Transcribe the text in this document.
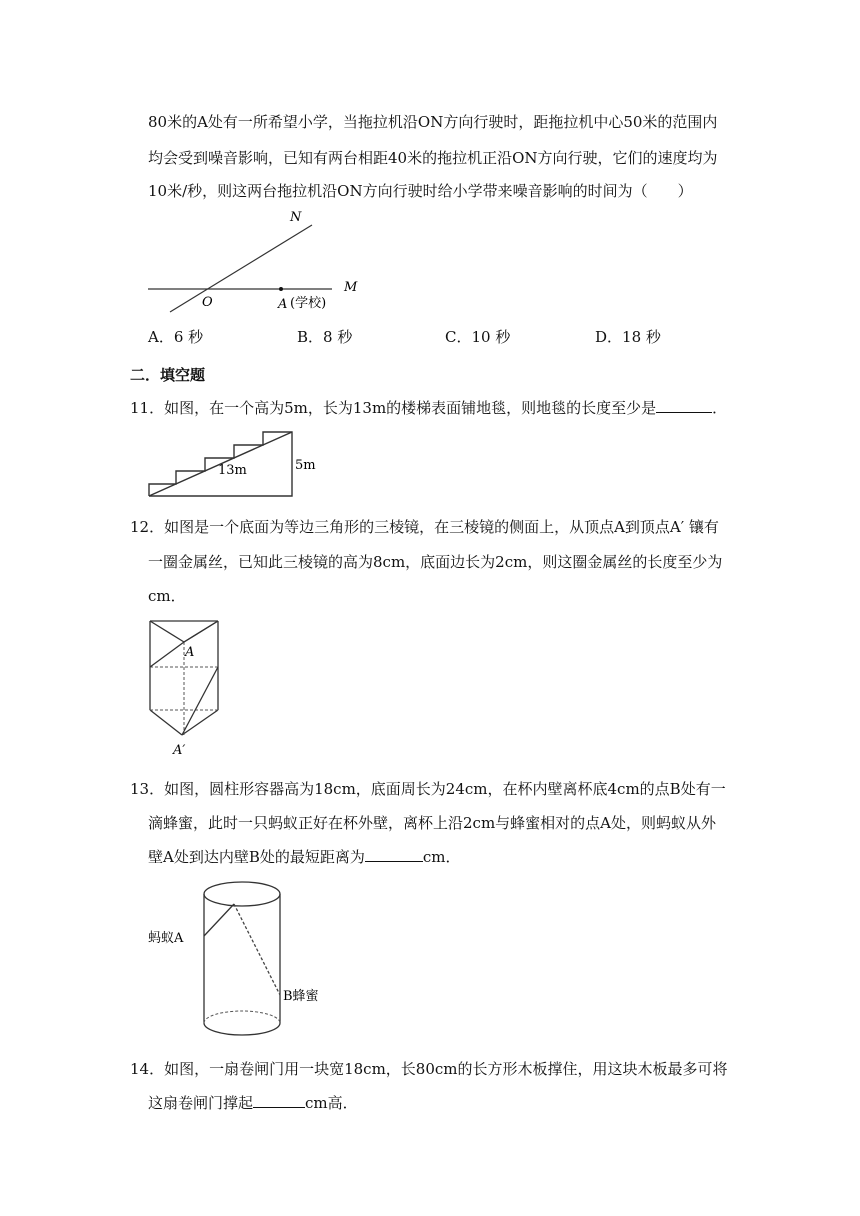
80米的A处有一所希望小学，当拖拉机沿ON方向行驶时，距拖拉机中心50米的范围内
均会受到噪音影响，已知有两台相距40米的拖拉机正沿ON方向行驶，它们的速度均为
10米/秒，则这两台拖拉机沿ON方向行驶时给小学带来噪音影响的时间为（　　）
N
M
O	A (学校)
A．6 秒	B．8 秒	C．10 秒	D．18 秒
二．填空题
11．如图，在一个高为5m，长为13m的楼梯表面铺地毯，则地毯的长度至少是	．
13m	5m
12．如图是一个底面为等边三角形的三棱镜，在三棱镜的侧面上，从顶点A到顶点A′ 镶有
一圈金属丝，已知此三棱镜的高为8cm，底面边长为2cm，则这圈金属丝的长度至少为
cm．
A
A′
13．如图，圆柱形容器高为18cm，底面周长为24cm，在杯内壁离杯底4cm的点B处有一
滴蜂蜜，此时一只蚂蚁正好在杯外壁，离杯上沿2cm与蜂蜜相对的点A处，则蚂蚁从外
壁A处到达内壁B处的最短距离为	cm．
蚂蚁A
B蜂蜜
14．如图，一扇卷闸门用一块宽18cm，长80cm的长方形木板撑住，用这块木板最多可将
这扇卷闸门撑起	cm高．
